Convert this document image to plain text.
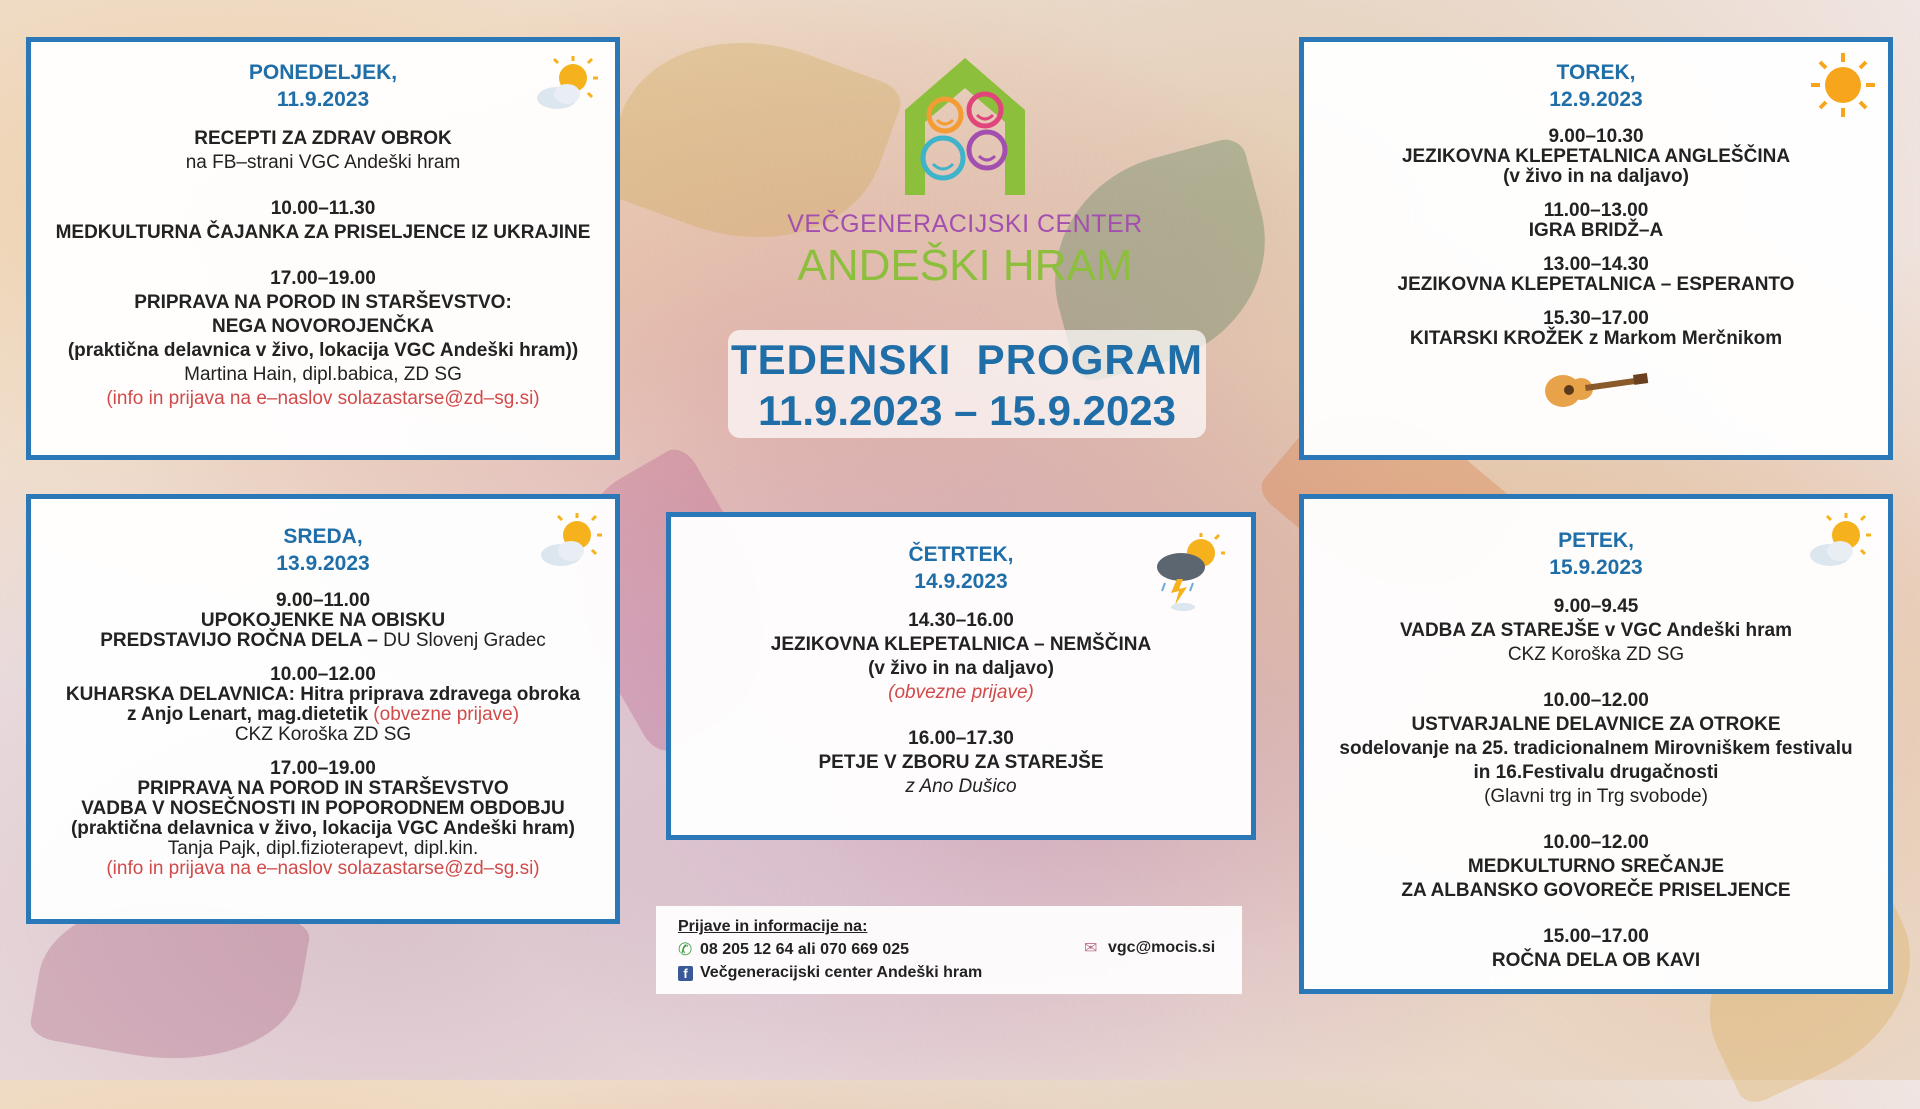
VEČGENERACIJSKI CENTER
ANDEŠKI HRAM
TEDENSKI  PROGRAM
11.9.2023 – 15.9.2023
PONEDELJEK,
11.9.2023
RECEPTI ZA ZDRAV OBROK
na FB–strani VGC Andeški hram
10.00–11.30
MEDKULTURNA ČAJANKA ZA PRISELJENCE IZ UKRAJINE
17.00–19.00
PRIPRAVA NA POROD IN STARŠEVSTVO:
NEGA NOVOROJENČKA
(praktična delavnica v živo, lokacija VGC Andeški hram))
Martina Hain, dipl.babica, ZD SG
(info in prijava na e–naslov solazastarse@zd–sg.si)
TOREK,
12.9.2023
9.00–10.30
JEZIKOVNA KLEPETALNICA ANGLEŠČINA
(v živo in na daljavo)
11.00–13.00
IGRA BRIDŽ–A
13.00–14.30
JEZIKOVNA KLEPETALNICA – ESPERANTO
15.30–17.00
KITARSKI KROŽEK z Markom Merčnikom
SREDA,
13.9.2023
9.00–11.00
UPOKOJENKE NA OBISKU
PREDSTAVIJO ROČNA DELA – DU Slovenj Gradec
10.00–12.00
KUHARSKA DELAVNICA: Hitra priprava zdravega obroka
z Anjo Lenart, mag.dietetik (obvezne prijave)
CKZ Koroška ZD SG
17.00–19.00
PRIPRAVA NA POROD IN STARŠEVSTVO
VADBA V NOSEČNOSTI IN POPORODNEM OBDOBJU
(praktična delavnica v živo, lokacija VGC Andeški hram)
Tanja Pajk, dipl.fizioterapevt, dipl.kin.
(info in prijava na e–naslov solazastarse@zd–sg.si)
ČETRTEK,
14.9.2023
14.30–16.00
JEZIKOVNA KLEPETALNICA – NEMŠČINA
(v živo in na daljavo)
(obvezne prijave)
16.00–17.30
PETJE V ZBORU ZA STAREJŠE
z Ano Dušico
PETEK,
15.9.2023
9.00–9.45
VADBA ZA STAREJŠE v VGC Andeški hram
CKZ Koroška ZD SG
10.00–12.00
USTVARJALNE DELAVNICE ZA OTROKE
sodelovanje na 25. tradicionalnem Mirovniškem festivalu
in 16.Festivalu drugačnosti
(Glavni trg in Trg svobode)
10.00–12.00
MEDKULTURNO SREČANJE
ZA ALBANSKO GOVOREČE PRISELJENCE
15.00–17.00
ROČNA DELA OB KAVI
Prijave in informacije na:
✆ 08 205 12 64 ali 070 669 025
f Večgeneracijski center Andeški hram
✉ vgc@mocis.si
